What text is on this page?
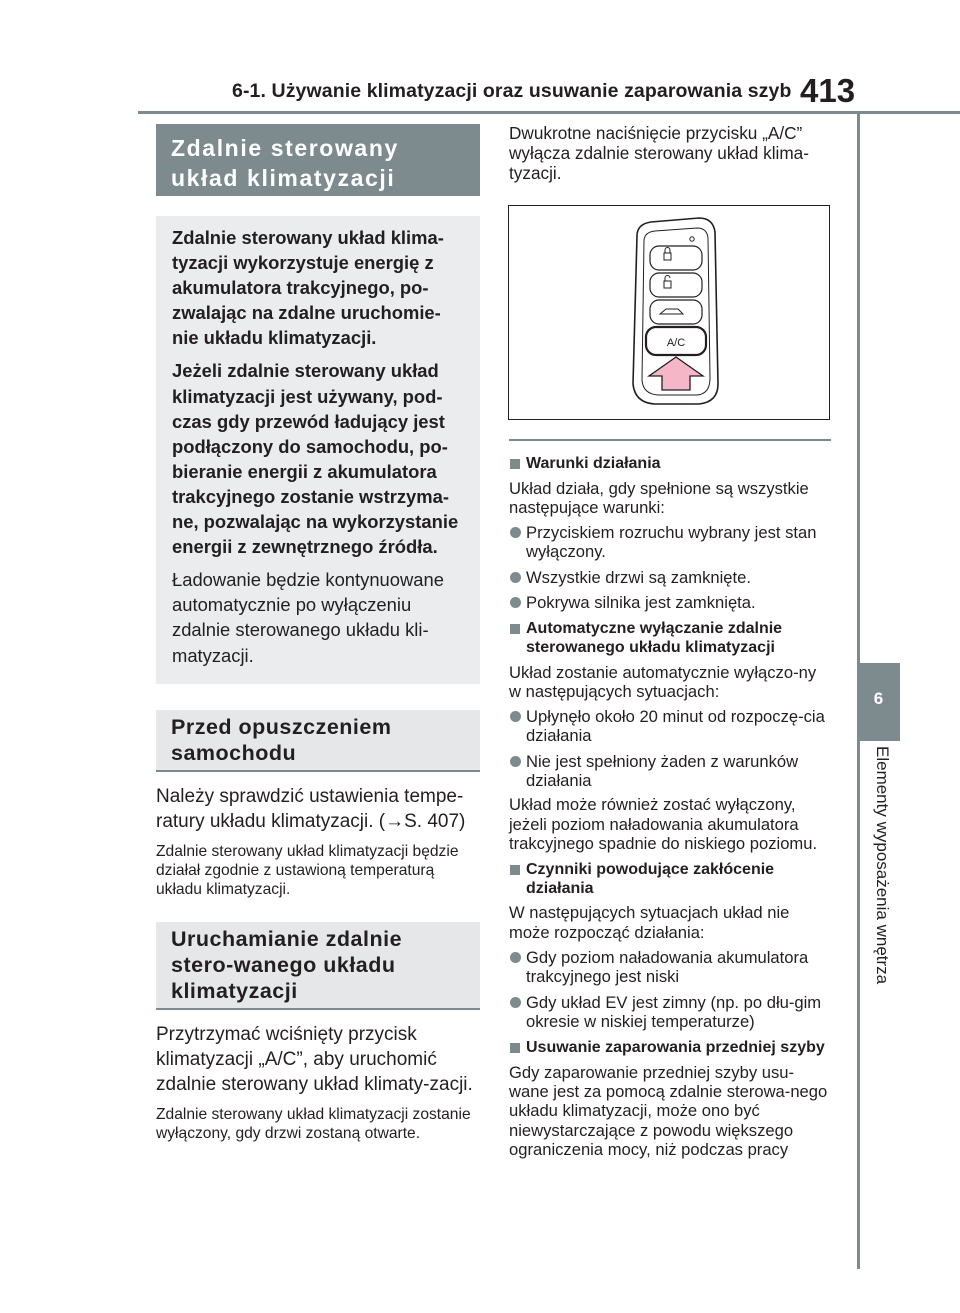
6-1. Używanie klimatyzacji oraz usuwanie zaparowania szyb 413
6
Elementy wyposażenia wnętrza
Zdalnie sterowany układ klimatyzacji

Zdalnie sterowany układ klima-tyzacji wykorzystuje energię z akumulatora trakcyjnego, po-zwalając na zdalne uruchomie-nie układu klimatyzacji.

Jeżeli zdalnie sterowany układ klimatyzacji jest używany, pod-czas gdy przewód ładujący jest podłączony do samochodu, po-bieranie energii z akumulatora trakcyjnego zostanie wstrzyma-ne, pozwalając na wykorzystanie energii z zewnętrznego źródła.

Ładowanie będzie kontynuowane automatycznie po wyłączeniu zdalnie sterowanego układu kli-matyzacji.

Przed opuszczeniem samochodu

Należy sprawdzić ustawienia tempe-ratury układu klimatyzacji. (→S. 407)

Zdalnie sterowany układ klimatyzacji będzie działał zgodnie z ustawioną temperaturą układu klimatyzacji.

Uruchamianie zdalnie stero-wanego układu klimatyzacji

Przytrzymać wciśnięty przycisk klimatyzacji „A/C”, aby uruchomić zdalnie sterowany układ klimaty-zacji.

Zdalnie sterowany układ klimatyzacji zostanie wyłączony, gdy drzwi zostaną otwarte.

Dwukrotne naciśnięcie przycisku „A/C” wyłącza zdalnie sterowany układ klima-tyzacji.

A/C
Warunki działania

Układ działa, gdy spełnione są wszystkie następujące warunki:

Przyciskiem rozruchu wybrany jest stan wyłączony.
Wszystkie drzwi są zamknięte.
Pokrywa silnika jest zamknięta.
Automatyczne wyłączanie zdalnie sterowanego układu klimatyzacji

Układ zostanie automatycznie wyłączo-ny w następujących sytuacjach:

Upłynęło około 20 minut od rozpoczę-cia działania
Nie jest spełniony żaden z warunków działania

Układ może również zostać wyłączony, jeżeli poziom naładowania akumulatora trakcyjnego spadnie do niskiego poziomu.

Czynniki powodujące zakłócenie działania

W następujących sytuacjach układ nie może rozpocząć działania:

Gdy poziom naładowania akumulatora trakcyjnego jest niski
Gdy układ EV jest zimny (np. po dłu-gim okresie w niskiej temperaturze)
Usuwanie zaparowania przedniej szyby

Gdy zaparowanie przedniej szyby usu-wane jest za pomocą zdalnie sterowa-nego układu klimatyzacji, może ono być niewystarczające z powodu większego ograniczenia mocy, niż podczas pracy
